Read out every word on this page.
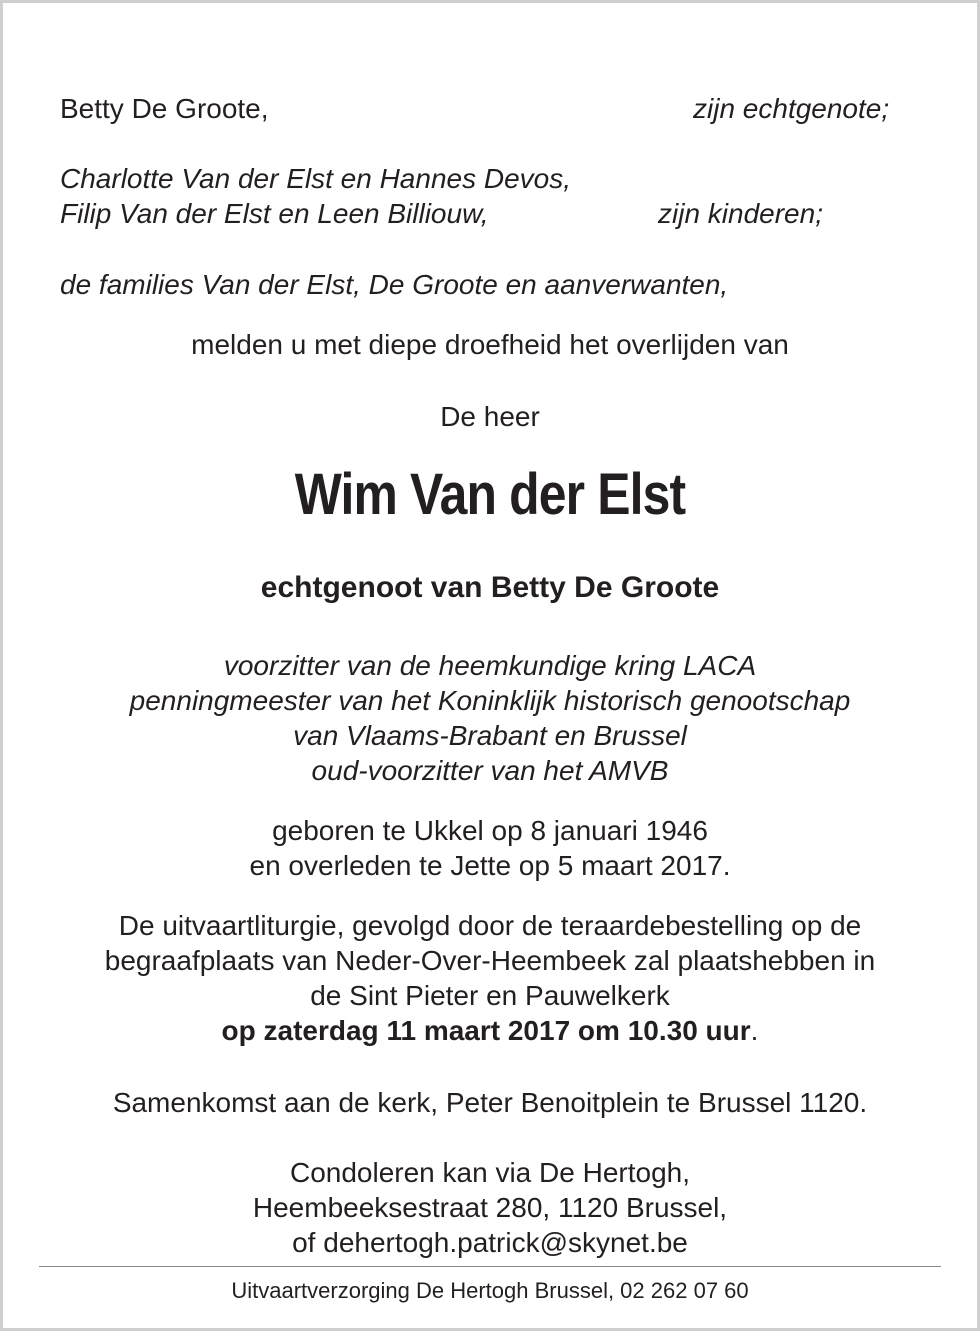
Betty De Groote,	zijn echtgenote;
Charlotte Van der Elst en Hannes Devos,
Filip Van der Elst en Leen Billiouw,	zijn kinderen;
de families Van der Elst, De Groote en aanverwanten,
melden u met diepe droefheid het overlijden van
De heer
Wim Van der Elst
echtgenoot van Betty De Groote
voorzitter van de heemkundige kring LACA
penningmeester van het Koninklijk historisch genootschap
van Vlaams-Brabant en Brussel
oud-voorzitter van het AMVB
geboren te Ukkel op 8 januari 1946
en overleden te Jette op 5 maart 2017.
De uitvaartliturgie, gevolgd door de teraardebestelling op de
begraafplaats van Neder-Over-Heembeek zal plaatshebben in
de Sint Pieter en Pauwelkerk
op zaterdag 11 maart 2017 om 10.30 uur.
Samenkomst aan de kerk, Peter Benoitplein te Brussel 1120.
Condoleren kan via De Hertogh,
Heembeeksestraat 280, 1120 Brussel,
of dehertogh.patrick@skynet.be
Uitvaartverzorging De Hertogh Brussel, 02 262 07 60
